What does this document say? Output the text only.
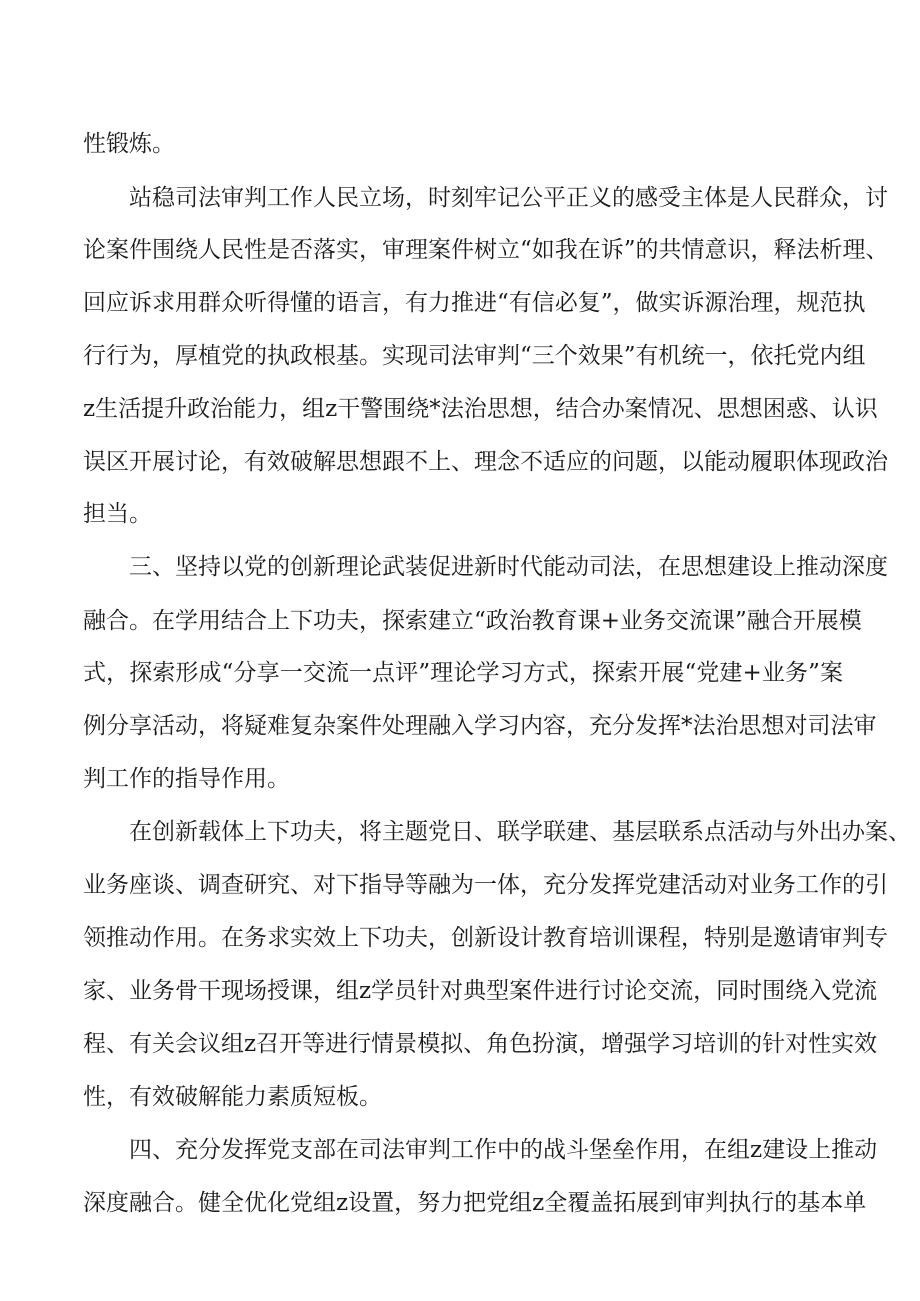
性锻炼。
　　站稳司法审判工作人民立场，时刻牢记公平正义的感受主体是人民群众，讨
论案件围绕人民性是否落实，审理案件树立“如我在诉”的共情意识，释法析理、
回应诉求用群众听得懂的语言，有力推进“有信必复”，做实诉源治理，规范执
行行为，厚植党的执政根基。实现司法审判“三个效果”有机统一，依托党内组
z生活提升政治能力，组z干警围绕*法治思想，结合办案情况、思想困惑、认识
误区开展讨论，有效破解思想跟不上、理念不适应的问题，以能动履职体现政治
担当。
　　三、坚持以党的创新理论武装促进新时代能动司法，在思想建设上推动深度
融合。在学用结合上下功夫，探索建立“政治教育课+业务交流课”融合开展模
式，探索形成“分享一交流一点评”理论学习方式，探索开展“党建+业务”案
例分享活动，将疑难复杂案件处理融入学习内容，充分发挥*法治思想对司法审
判工作的指导作用。
　　在创新载体上下功夫，将主题党日、联学联建、基层联系点活动与外出办案、
业务座谈、调查研究、对下指导等融为一体，充分发挥党建活动对业务工作的引
领推动作用。在务求实效上下功夫，创新设计教育培训课程，特别是邀请审判专
家、业务骨干现场授课，组z学员针对典型案件进行讨论交流，同时围绕入党流
程、有关会议组z召开等进行情景模拟、角色扮演，增强学习培训的针对性实效
性，有效破解能力素质短板。
　　四、充分发挥党支部在司法审判工作中的战斗堡垒作用，在组z建设上推动
深度融合。健全优化党组z设置，努力把党组z全覆盖拓展到审判执行的基本单
